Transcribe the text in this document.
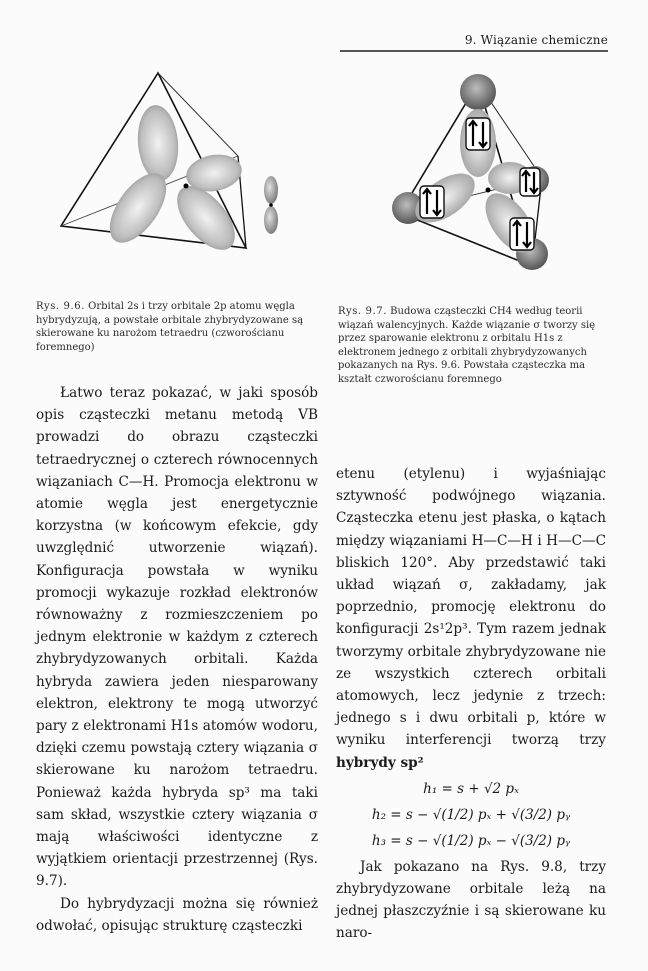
9. Wiązanie chemiczne
Rys. 9.6. Orbital 2s i trzy orbitale 2p atomu węgla hybrydyzują, a powstałe orbitale zhybrydyzowane są skierowane ku narożom tetraedru (czworościanu foremnego)
Rys. 9.7. Budowa cząsteczki CH4 według teorii wiązań walencyjnych. Każde wiązanie σ tworzy się przez sparowanie elektronu z orbitalu H1s z elektronem jednego z orbitali zhybrydyzowanych pokazanych na Rys. 9.6. Powstała cząsteczka ma kształt czworościanu foremnego

Łatwo teraz pokazać, w jaki sposób opis cząsteczki metanu metodą VB prowadzi do obrazu cząsteczki tetraedrycznej o czterech równocennych wiązaniach C—H. Promocja elektronu w atomie węgla jest energetycznie korzystna (w końcowym efekcie, gdy uwzględnić utworzenie wiązań). Konfiguracja powstała w wyniku promocji wykazuje rozkład elektronów równoważny z rozmieszczeniem po jednym elektronie w każdym z czterech zhybrydyzowanych orbitali. Każda hybryda zawiera jeden niesparowany elektron, elektrony te mogą utworzyć pary z elektronami H1s atomów wodoru, dzięki czemu powstają cztery wiązania σ skierowane ku narożom tetraedru. Ponieważ każda hybryda sp³ ma taki sam skład, wszystkie cztery wiązania σ mają właściwości identyczne z wyjątkiem orientacji przestrzennej (Rys. 9.7).

Do hybrydyzacji można się również odwołać, opisując strukturę cząsteczki

etenu (etylenu) i wyjaśniając sztywność podwójnego wiązania. Cząsteczka etenu jest płaska, o kątach między wiązaniami H—C—H i H—C—C bliskich 120°. Aby przedstawić taki układ wiązań σ, zakładamy, jak poprzednio, promocję elektronu do konfiguracji 2s¹2p³. Tym razem jednak tworzymy orbitale zhybrydyzowane nie ze wszystkich czterech orbitali atomowych, lecz jedynie z trzech: jednego s i dwu orbitali p, które w wyniku interferencji tworzą trzy hybrydy sp²

h₁ = s + √2 pₓ
h₂ = s − √(1/2) pₓ + √(3/2) pᵧ
h₃ = s − √(1/2) pₓ − √(3/2) pᵧ

Jak pokazano na Rys. 9.8, trzy zhybrydyzowane orbitale leżą na jednej płaszczyźnie i są skierowane ku naro-
